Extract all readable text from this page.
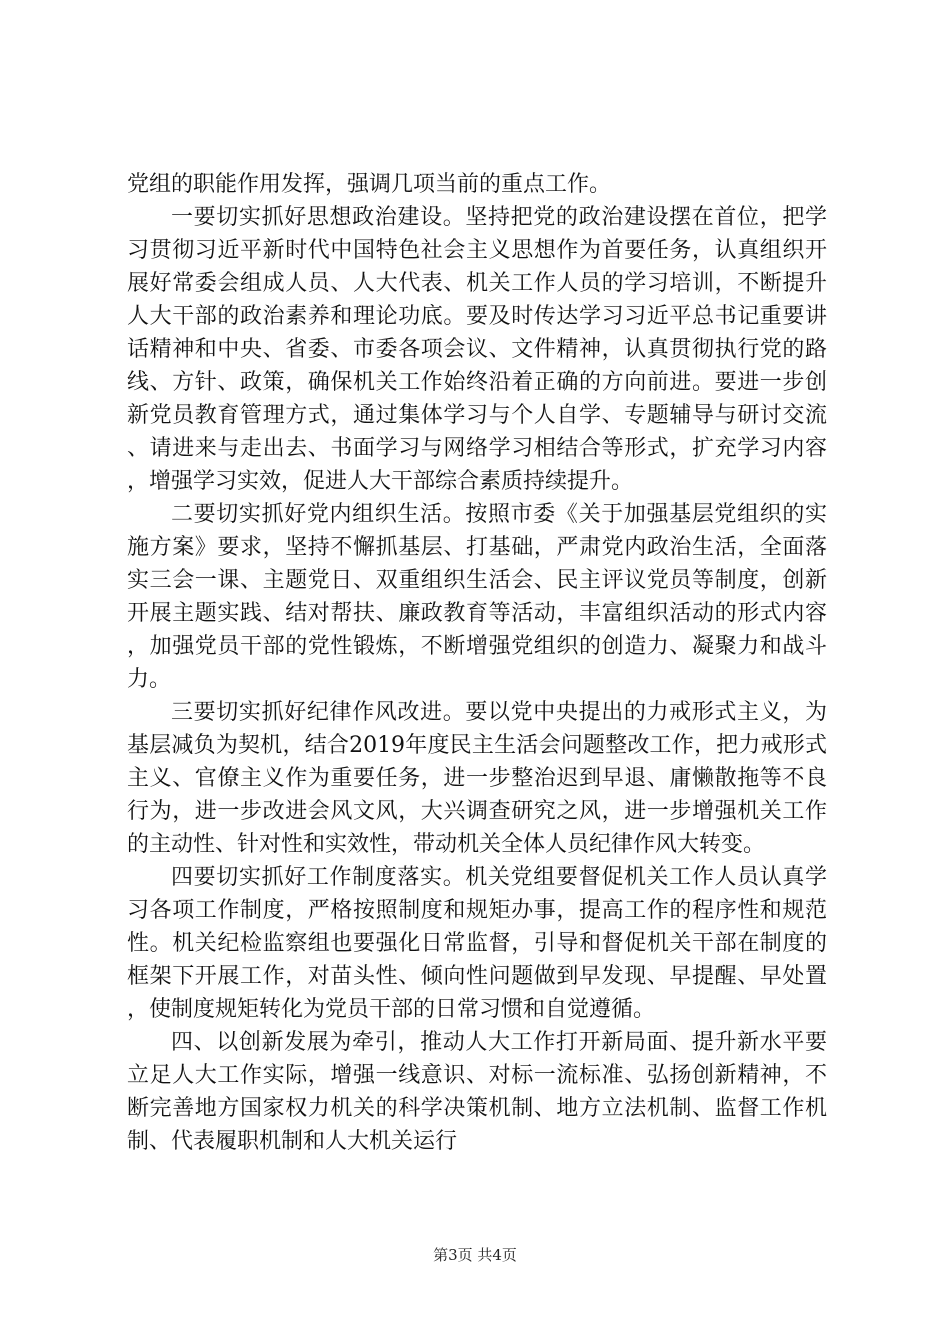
党组的职能作用发挥，强调几项当前的重点工作。

一要切实抓好思想政治建设。坚持把党的政治建设摆在首位，把学习贯彻习近平新时代中国特色社会主义思想作为首要任务，认真组织开展好常委会组成人员、人大代表、机关工作人员的学习培训，不断提升人大干部的政治素养和理论功底。要及时传达学习习近平总书记重要讲话精神和中央、省委、市委各项会议、文件精神，认真贯彻执行党的路线、方针、政策，确保机关工作始终沿着正确的方向前进。要进一步创新党员教育管理方式，通过集体学习与个人自学、专题辅导与研讨交流、请进来与走出去、书面学习与网络学习相结合等形式，扩充学习内容，增强学习实效，促进人大干部综合素质持续提升。

二要切实抓好党内组织生活。按照市委《关于加强基层党组织的实施方案》要求，坚持不懈抓基层、打基础，严肃党内政治生活，全面落实三会一课、主题党日、双重组织生活会、民主评议党员等制度，创新开展主题实践、结对帮扶、廉政教育等活动，丰富组织活动的形式内容，加强党员干部的党性锻炼，不断增强党组织的创造力、凝聚力和战斗力。

三要切实抓好纪律作风改进。要以党中央提出的力戒形式主义，为基层减负为契机，结合2019年度民主生活会问题整改工作，把力戒形式主义、官僚主义作为重要任务，进一步整治迟到早退、庸懒散拖等不良行为，进一步改进会风文风，大兴调查研究之风，进一步增强机关工作的主动性、针对性和实效性，带动机关全体人员纪律作风大转变。

四要切实抓好工作制度落实。机关党组要督促机关工作人员认真学习各项工作制度，严格按照制度和规矩办事，提高工作的程序性和规范性。机关纪检监察组也要强化日常监督，引导和督促机关干部在制度的框架下开展工作，对苗头性、倾向性问题做到早发现、早提醒、早处置，使制度规矩转化为党员干部的日常习惯和自觉遵循。

四、以创新发展为牵引，推动人大工作打开新局面、提升新水平要立足人大工作实际，增强一线意识、对标一流标准、弘扬创新精神，不断完善地方国家权力机关的科学决策机制、地方立法机制、监督工作机制、代表履职机制和人大机关运行

第3页 共4页
